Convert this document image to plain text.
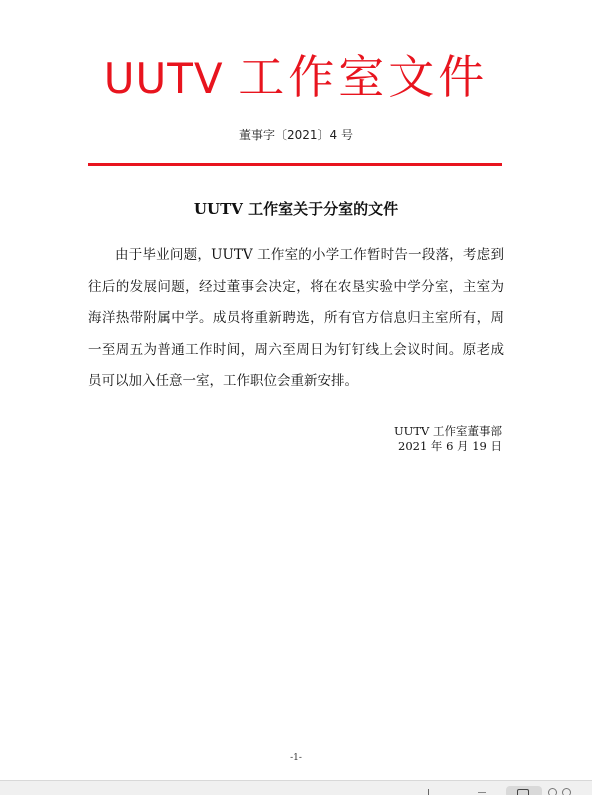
UUTV 工作室文件
董事字〔2021〕4 号
UUTV 工作室关于分室的文件

由于毕业问题，UUTV 工作室的小学工作暂时告一段落，考虑到往后的发展问题，经过董事会决定，将在农垦实验中学分室，主室为海洋热带附属中学。成员将重新聘选，所有官方信息归主室所有，周一至周五为普通工作时间，周六至周日为钉钉线上会议时间。原老成员可以加入任意一室，工作职位会重新安排。

UUTV 工作室董事部
2021 年 6 月 19 日
-1-
